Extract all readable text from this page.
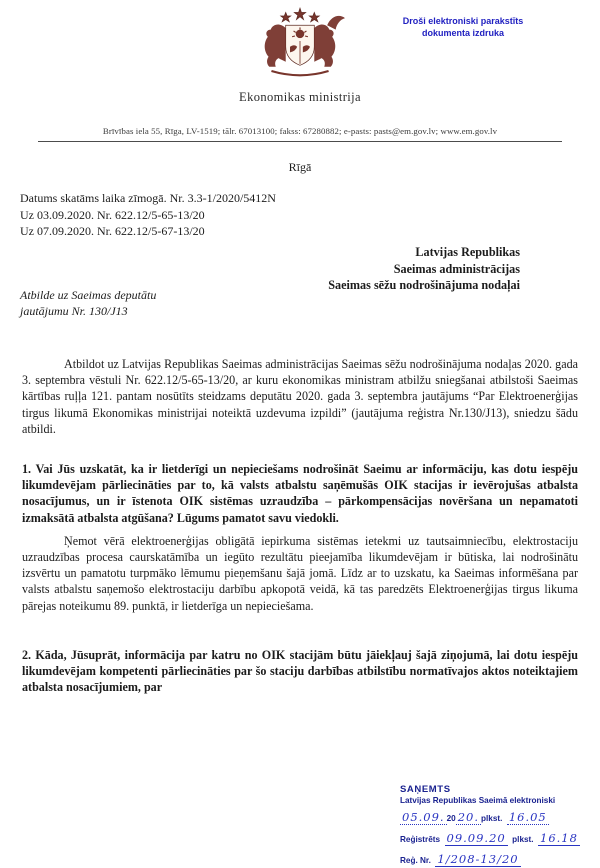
Droši elektroniski parakstīts
dokumenta izdruka
Ekonomikas ministrija
Brīvības iela 55, Rīga, LV-1519; tālr. 67013100; fakss: 67280882; e-pasts: pasts@em.gov.lv; www.em.gov.lv
Rīgā
Datums skatāms laika zīmogā. Nr. 3.3-1/2020/5412N
Uz 03.09.2020. Nr. 622.12/5-65-13/20
Uz 07.09.2020. Nr. 622.12/5-67-13/20
Latvijas Republikas
Saeimas administrācijas
Saeimas sēžu nodrošinājuma nodaļai
Atbilde uz Saeimas deputātu
jautājumu Nr. 130/J13

Atbildot uz Latvijas Republikas Saeimas administrācijas Saeimas sēžu nodrošinājuma nodaļas 2020. gada 3. septembra vēstuli Nr. 622.12/5-65-13/20, ar kuru ekonomikas ministram atbilžu sniegšanai atbilstoši Saeimas kārtības ruļļa 121. pantam nosūtīts steidzams deputātu 2020. gada 3. septembra jautājums “Par Elektroenerģijas tirgus likumā Ekonomikas ministrijai noteiktā uzdevuma izpildi” (jautājuma reģistra Nr.130/J13), sniedzu šādu atbildi.

1. Vai Jūs uzskatāt, ka ir lietderīgi un nepieciešams nodrošināt Saeimu ar informāciju, kas dotu iespēju likumdevējam pārliecināties par to, kā valsts atbalstu saņēmušās OIK stacijas ir ievērojušas atbalsta nosacījumus, un ir īstenota OIK sistēmas uzraudzība – pārkompensācijas novēršana un nepamatoti izmaksātā atbalsta atgūšana? Lūgums pamatot savu viedokli.

Ņemot vērā elektroenerģijas obligātā iepirkuma sistēmas ietekmi uz tautsaimniecību, elektrostaciju uzraudzības procesa caurskatāmība un iegūto rezultātu pieejamība likumdevējam ir būtiska, lai nodrošinātu izsvērtu un pamatotu turpmāko lēmumu pieņemšanu šajā jomā. Līdz ar to uzskatu, ka Saeimas informēšana par valsts atbalstu saņemošo elektrostaciju darbību apkopotā veidā, kā tas paredzēts Elektroenerģijas tirgus likuma pārejas noteikumu 89. punktā, ir lietderīga un nepieciešama.

2. Kāda, Jūsuprāt, informācija par katru no OIK stacijām būtu jāiekļauj šajā ziņojumā, lai dotu iespēju likumdevējam kompetenti pārliecināties par šo staciju darbības atbilstību normatīvajos aktos noteiktajiem atbalsta nosacījumiem, par

SAŅEMTS
Latvijas Republikas Saeimā elektroniski
05.09. 20 20. plkst. 16.05
Reģistrēts 09.09.20 plkst. 16.18
Reģ. Nr. 1/208-13/20
